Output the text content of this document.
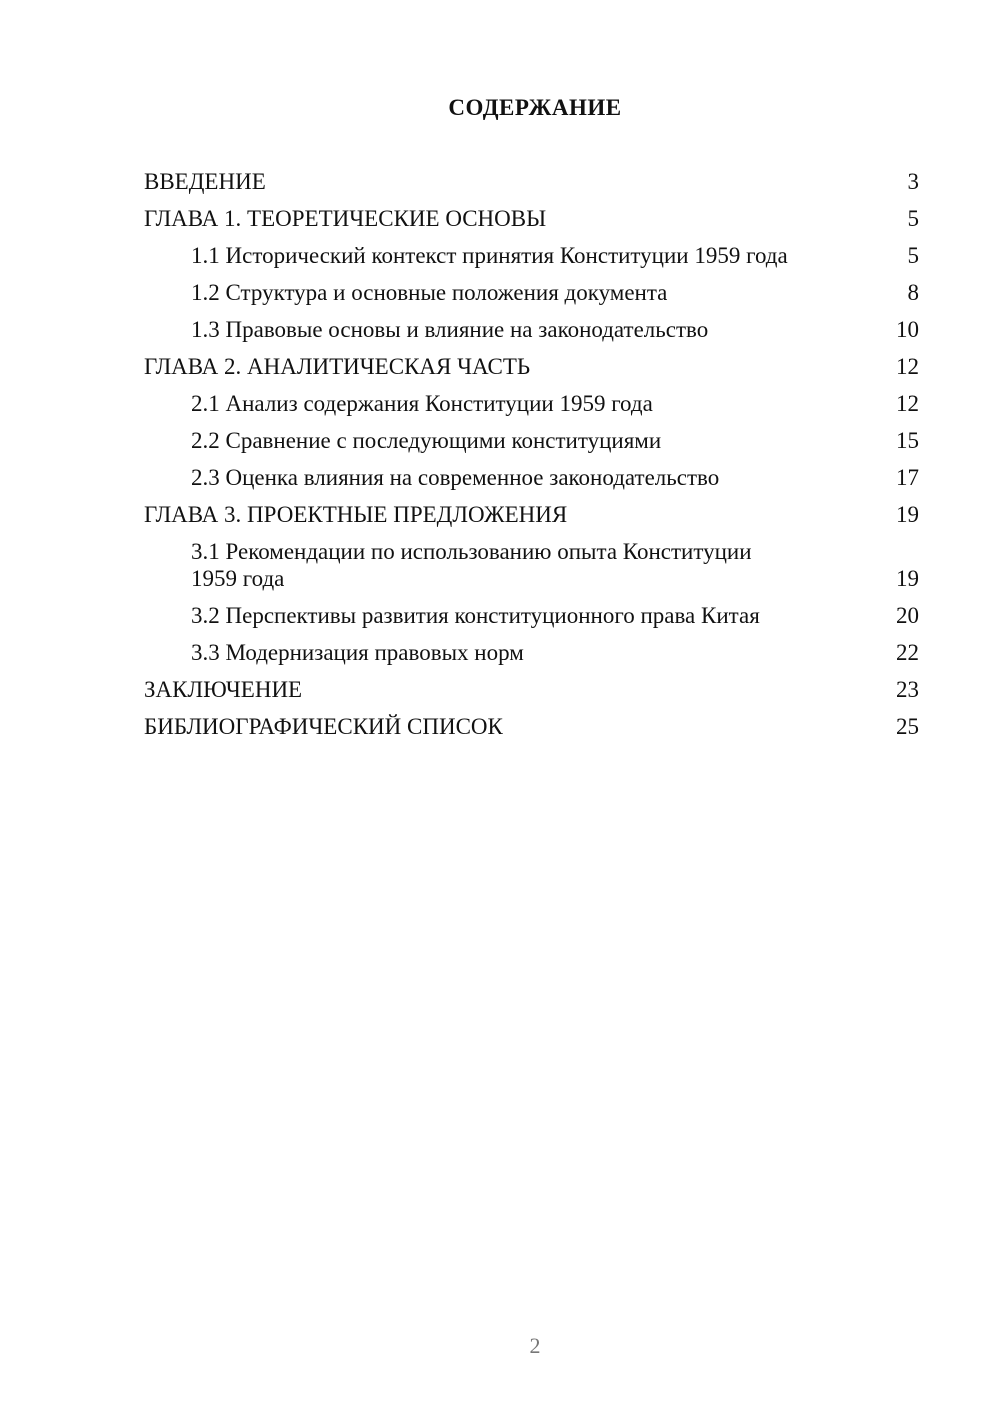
СОДЕРЖАНИЕ
ВВЕДЕНИЕ	3
ГЛАВА 1. ТЕОРЕТИЧЕСКИЕ ОСНОВЫ	5
1.1 Исторический контекст принятия Конституции 1959 года	5
1.2 Структура и основные положения документа	8
1.3 Правовые основы и влияние на законодательство	10
ГЛАВА 2. АНАЛИТИЧЕСКАЯ ЧАСТЬ	12
2.1 Анализ содержания Конституции 1959 года	12
2.2 Сравнение с последующими конституциями	15
2.3 Оценка влияния на современное законодательство	17
ГЛАВА 3. ПРОЕКТНЫЕ ПРЕДЛОЖЕНИЯ	19
3.1 Рекомендации по использованию опыта Конституции 1959 года	19
3.2 Перспективы развития конституционного права Китая	20
3.3 Модернизация правовых норм	22
ЗАКЛЮЧЕНИЕ	23
БИБЛИОГРАФИЧЕСКИЙ СПИСОК	25
2
